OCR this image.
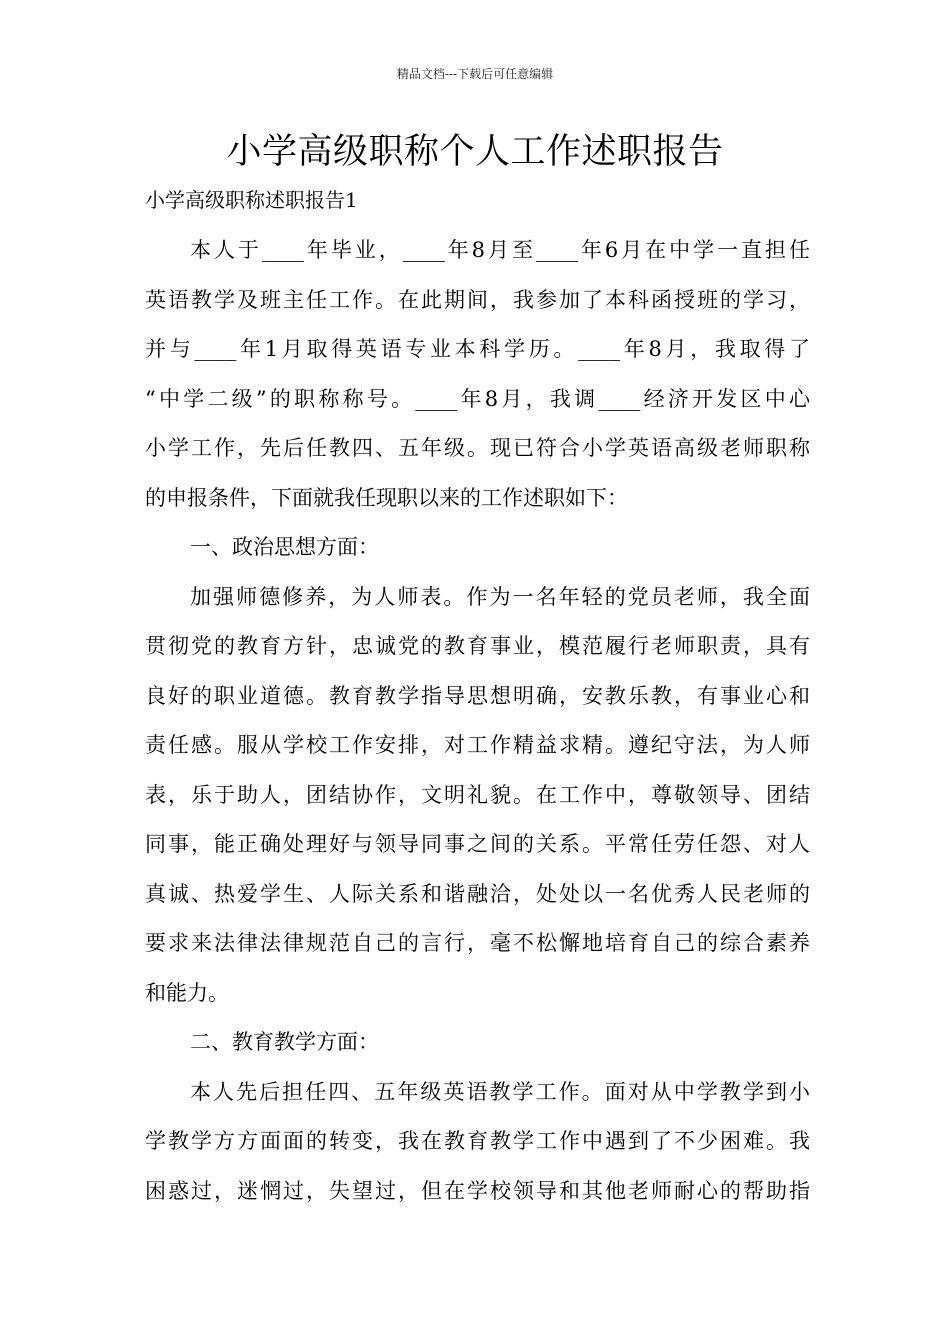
精品文档---下载后可任意编辑
小学高级职称个人工作述职报告
小学高级职称述职报告1
本人于____年毕业，____年8月至____年6月在中学一直担任
英语教学及班主任工作。在此期间，我参加了本科函授班的学习，
并与____年1月取得英语专业本科学历。____年8月，我取得了
“中学二级”的职称称号。____年8月，我调____经济开发区中心
小学工作，先后任教四、五年级。现已符合小学英语高级老师职称
的申报条件，下面就我任现职以来的工作述职如下：
一、政治思想方面：
加强师德修养，为人师表。作为一名年轻的党员老师，我全面
贯彻党的教育方针，忠诚党的教育事业，模范履行老师职责，具有
良好的职业道德。教育教学指导思想明确，安教乐教，有事业心和
责任感。服从学校工作安排，对工作精益求精。遵纪守法，为人师
表，乐于助人，团结协作，文明礼貌。在工作中，尊敬领导、团结
同事，能正确处理好与领导同事之间的关系。平常任劳任怨、对人
真诚、热爱学生、人际关系和谐融洽，处处以一名优秀人民老师的
要求来法律法律规范自己的言行，毫不松懈地培育自己的综合素养
和能力。
二、教育教学方面：
本人先后担任四、五年级英语教学工作。面对从中学教学到小
学教学方方面面的转变，我在教育教学工作中遇到了不少困难。我
困惑过，迷惘过，失望过，但在学校领导和其他老师耐心的帮助指
